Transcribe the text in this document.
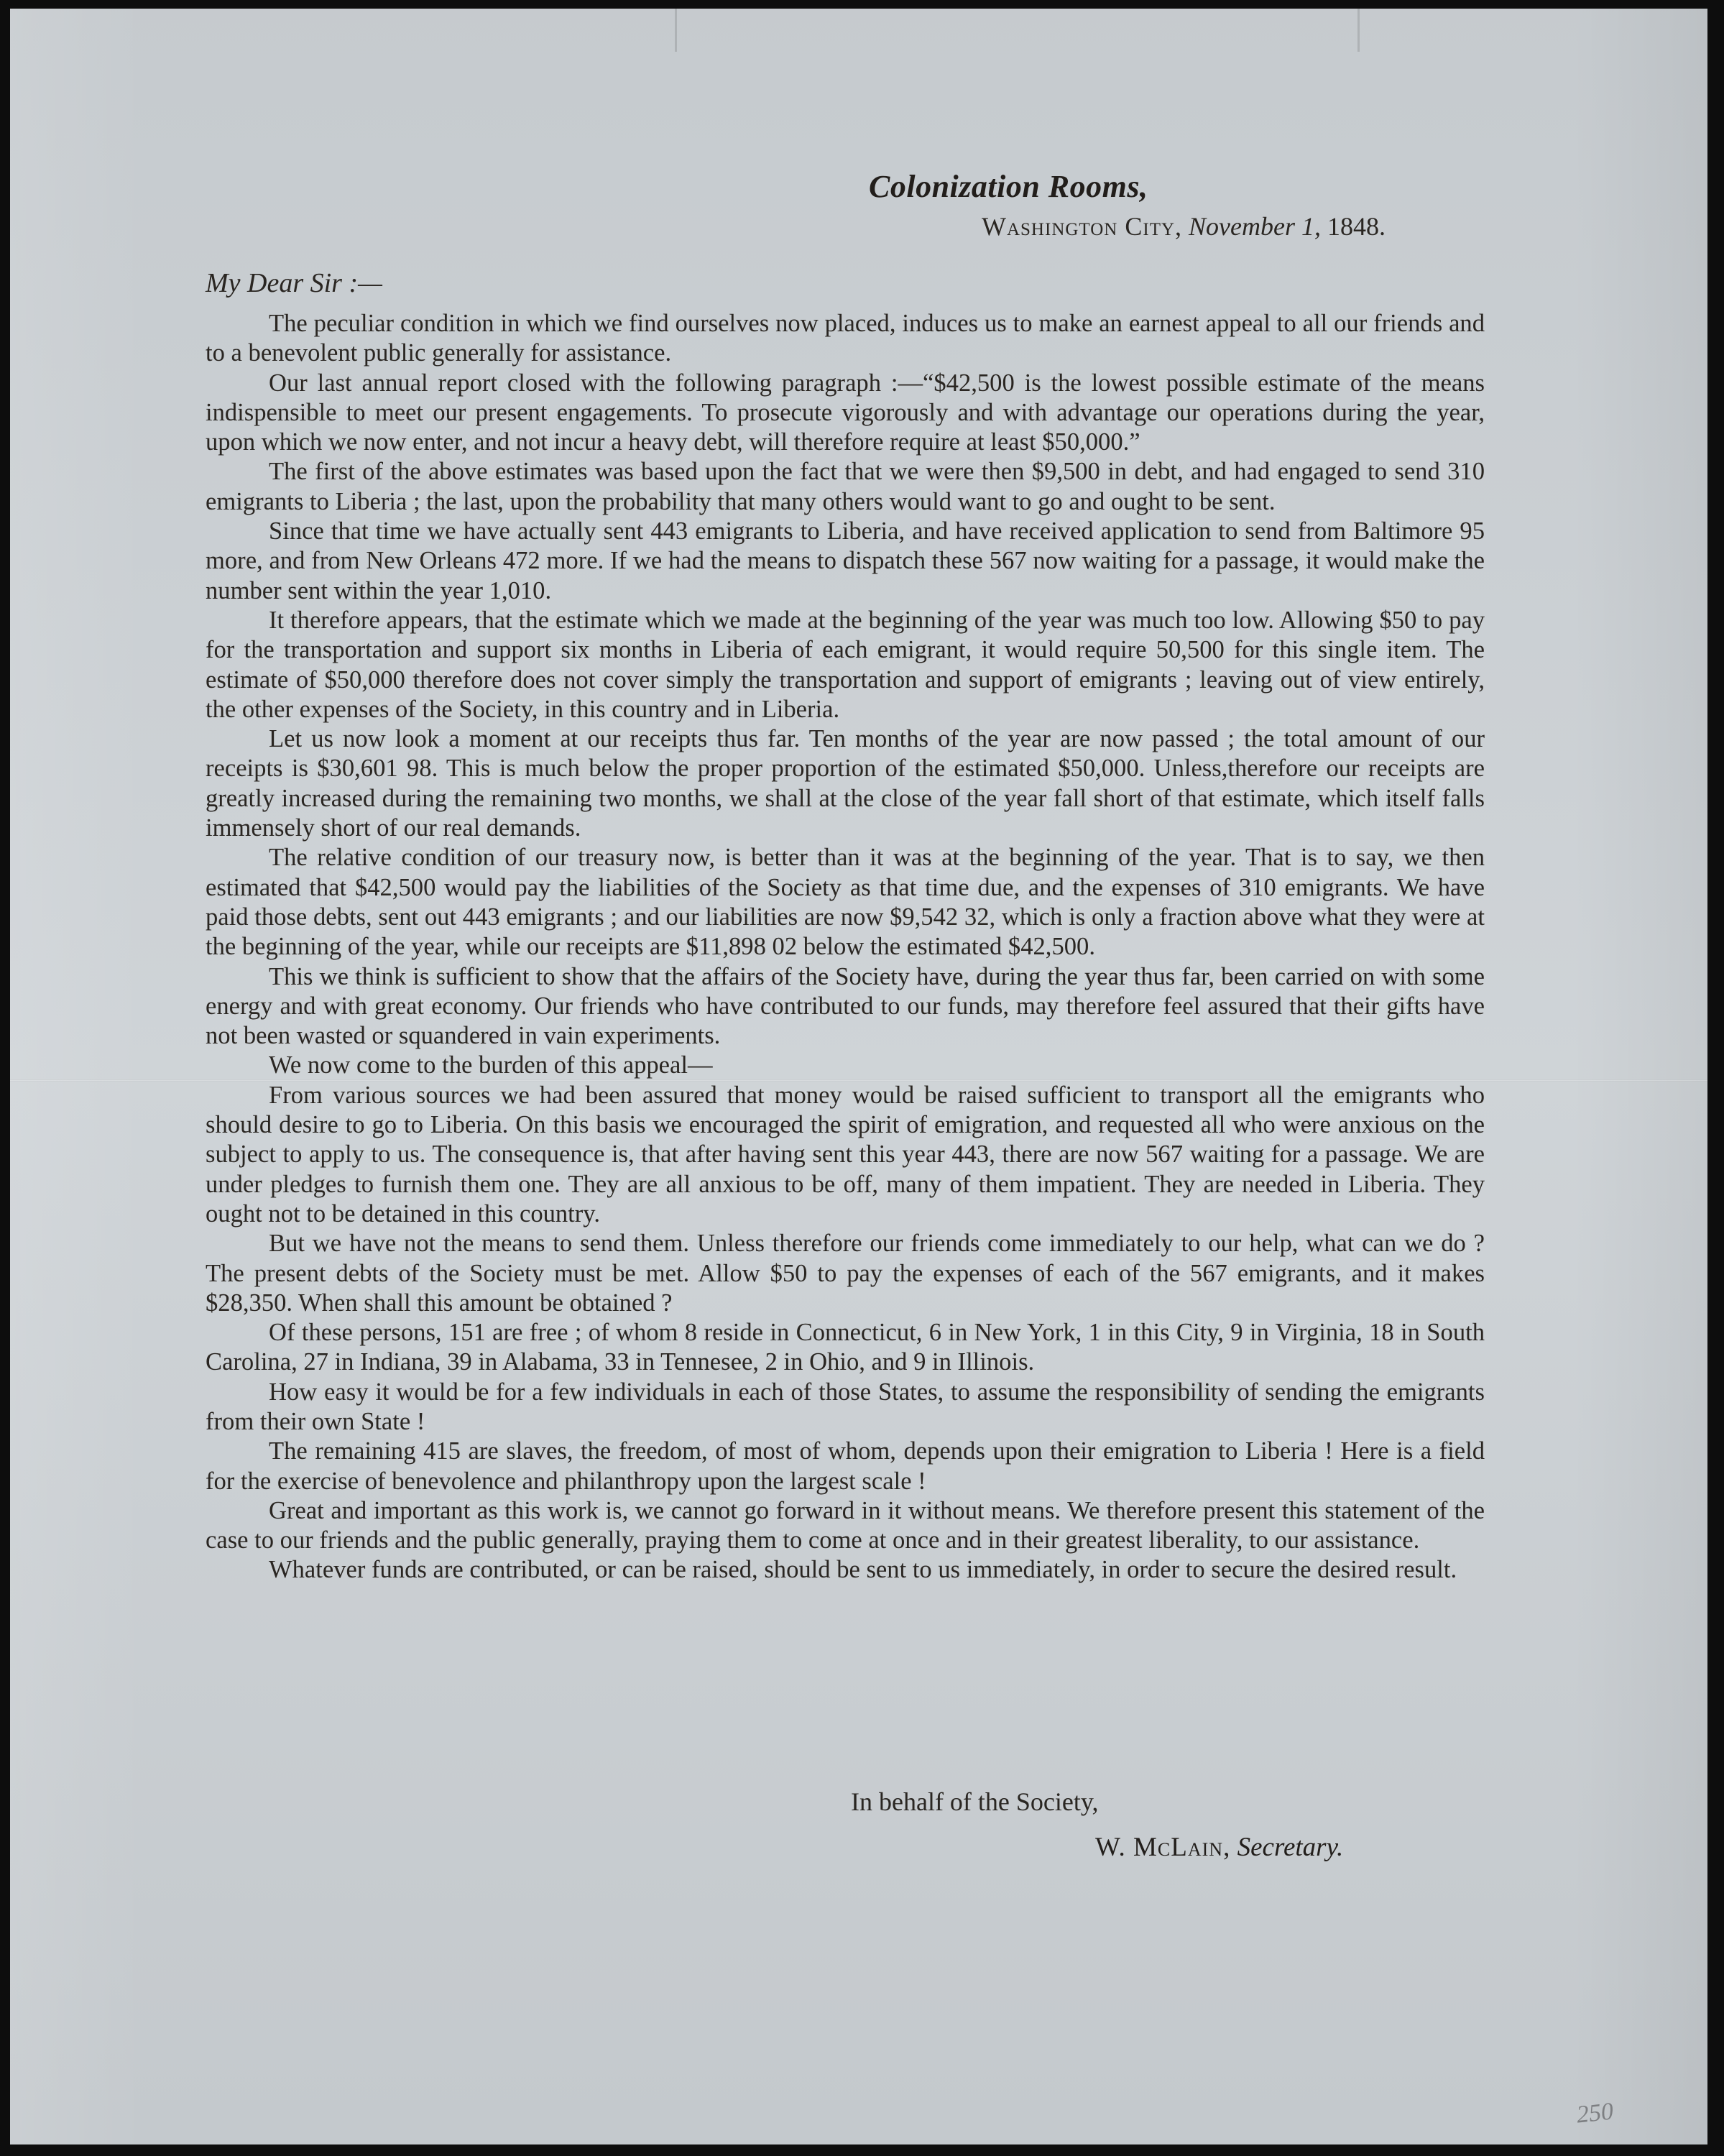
Colonization Rooms,
Washington City, November 1, 1848.
My Dear Sir :—

The peculiar condition in which we find ourselves now placed, induces us to make an earnest appeal to all our friends and to a benevolent public generally for assistance.

Our last annual report closed with the following paragraph :—“$42,500 is the lowest possible estimate of the means indispensible to meet our present engagements. To prosecute vigorously and with advantage our operations during the year, upon which we now enter, and not incur a heavy debt, will therefore require at least $50,000.”

The first of the above estimates was based upon the fact that we were then $9,500 in debt, and had engaged to send 310 emigrants to Liberia ; the last, upon the probability that many others would want to go and ought to be sent.

Since that time we have actually sent 443 emigrants to Liberia, and have received application to send from Baltimore 95 more, and from New Orleans 472 more. If we had the means to dispatch these 567 now waiting for a passage, it would make the number sent within the year 1,010.

It therefore appears, that the estimate which we made at the beginning of the year was much too low. Allowing $50 to pay for the transportation and support six months in Liberia of each emigrant, it would require 50,500 for this single item. The estimate of $50,000 therefore does not cover simply the transportation and support of emigrants ; leaving out of view entirely, the other expenses of the Society, in this country and in Liberia.

Let us now look a moment at our receipts thus far. Ten months of the year are now passed ; the total amount of our receipts is $30,601 98. This is much below the proper proportion of the estimated $50,000. Unless,therefore our receipts are greatly increased during the remaining two months, we shall at the close of the year fall short of that estimate, which itself falls immensely short of our real demands.

The relative condition of our treasury now, is better than it was at the beginning of the year. That is to say, we then estimated that $42,500 would pay the liabilities of the Society as that time due, and the expenses of 310 emigrants. We have paid those debts, sent out 443 emigrants ; and our liabilities are now $9,542 32, which is only a fraction above what they were at the beginning of the year, while our receipts are $11,898 02 below the estimated $42,500.

This we think is sufficient to show that the affairs of the Society have, during the year thus far, been carried on with some energy and with great economy. Our friends who have contributed to our funds, may therefore feel assured that their gifts have not been wasted or squandered in vain experiments.

We now come to the burden of this appeal—

From various sources we had been assured that money would be raised sufficient to transport all the emigrants who should desire to go to Liberia. On this basis we encouraged the spirit of emigration, and requested all who were anxious on the subject to apply to us. The consequence is, that after having sent this year 443, there are now 567 waiting for a passage. We are under pledges to furnish them one. They are all anxious to be off, many of them impatient. They are needed in Liberia. They ought not to be detained in this country.

But we have not the means to send them. Unless therefore our friends come immediately to our help, what can we do ? The present debts of the Society must be met. Allow $50 to pay the expenses of each of the 567 emigrants, and it makes $28,350. When shall this amount be obtained ?

Of these persons, 151 are free ; of whom 8 reside in Connecticut, 6 in New York, 1 in this City, 9 in Virginia, 18 in South Carolina, 27 in Indiana, 39 in Alabama, 33 in Tennesee, 2 in Ohio, and 9 in Illinois.

How easy it would be for a few individuals in each of those States, to assume the responsibility of sending the emigrants from their own State !

The remaining 415 are slaves, the freedom, of most of whom, depends upon their emigration to Liberia ! Here is a field for the exercise of benevolence and philanthropy upon the largest scale !

Great and important as this work is, we cannot go forward in it without means. We therefore present this statement of the case to our friends and the public generally, praying them to come at once and in their greatest liberality, to our assistance.

Whatever funds are contributed, or can be raised, should be sent to us immediately, in order to secure the desired result.

In behalf of the Society,
W. McLain, Secretary.
250
